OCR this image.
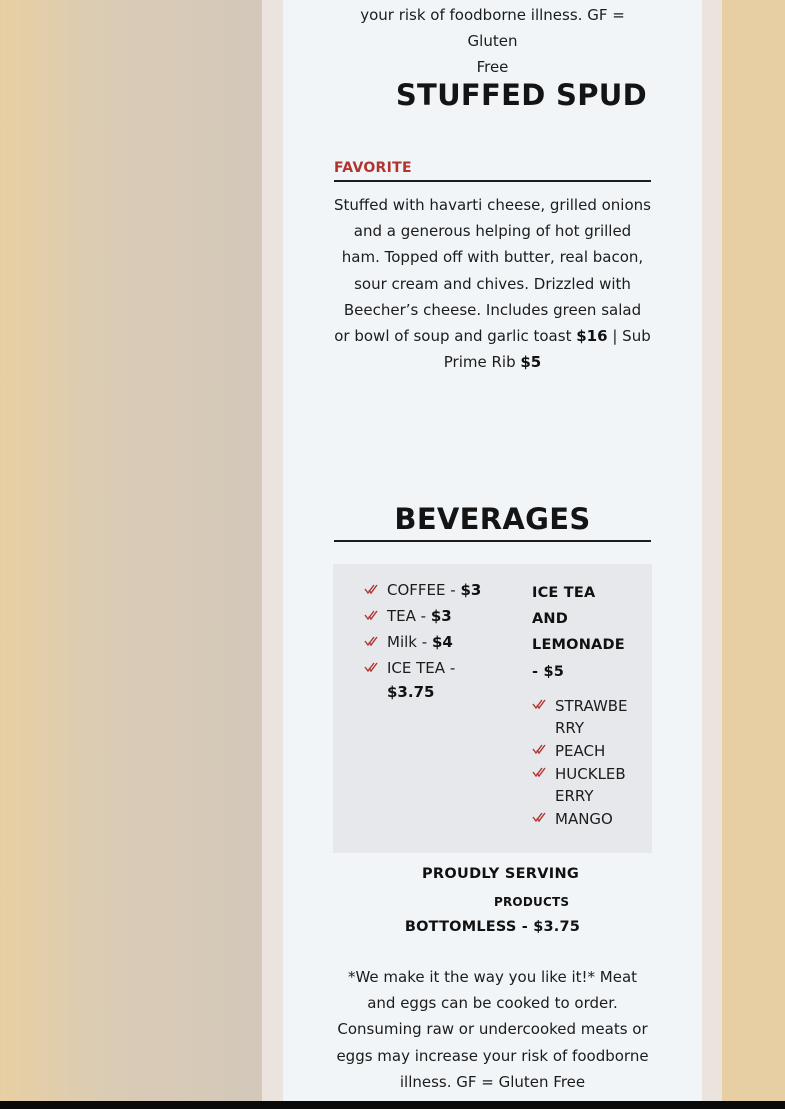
your risk of foodborne illness. GF = Gluten
Free
STUFFED SPUD
FAVORITE
Stuffed with havarti cheese, grilled onions and a generous helping of hot grilled ham. Topped off with butter, real bacon, sour cream and chives. Drizzled with Beecher’s cheese. Includes green salad or bowl of soup and garlic toast $16 | Sub Prime Rib $5
BEVERAGES
COFFEE - $3
TEA - $3
Milk - $4
ICE TEA - $3.75
ICE TEA
AND
LEMONADE
- $5
STRAWBERRY
PEACH
HUCKLEBERRY
MANGO
PROUDLY SERVING
PRODUCTS
BOTTOMLESS - $3.75
*We make it the way you like it!* Meat and eggs can be cooked to order. Consuming raw or undercooked meats or eggs may increase your risk of foodborne illness. GF = Gluten Free
